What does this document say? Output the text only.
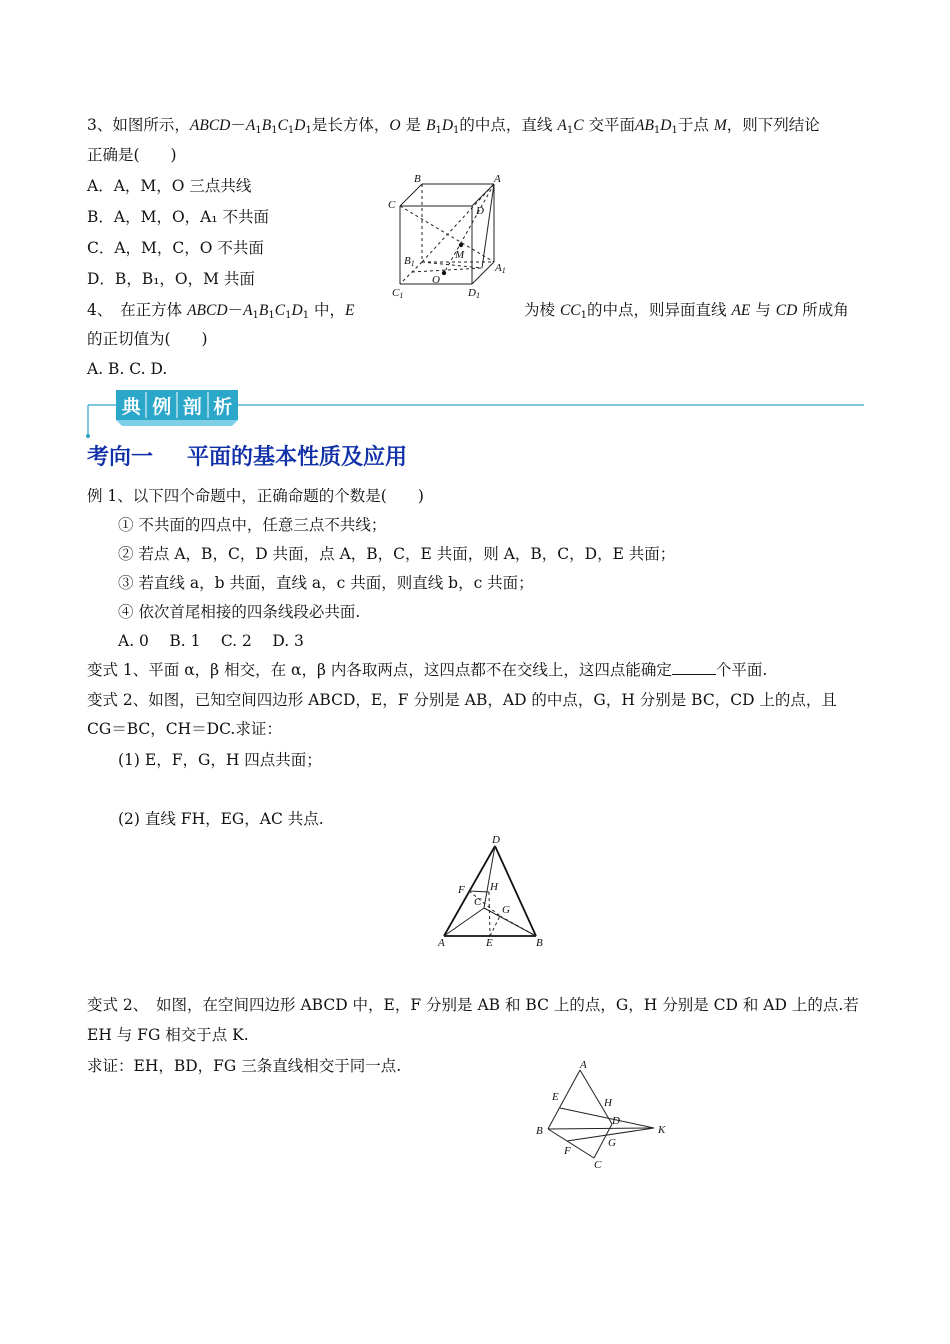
3、如图所示，$ABCD-A_1B_1C_1D_1$是长方体，O 是 $B_1D_1$的中点，直线 $A_1C$ 交平面$AB_1D_1$于点 M，则下列结论
正确是(　　)
A．A，M，O 三点共线
B．A，M，O，A₁ 不共面
C．A，M，C，O 不共面
D．B，B₁，O，M 共面
B	A
C	D
M
B1	A1
O
C1	D1
4、　 在正方体 $ABCD-A_1B_1C_1D_1$ 中，E	为棱 $CC_1$的中点，则异面直线 AE 与 CD 所成角
的正切值为(　　)
A. B. C. D.
典 例 剖 析
考向一 平面的基本性质及应用
例 1、以下四个命题中，正确命题的个数是(　　)
① 不共面的四点中，任意三点不共线；
② 若点 A，B，C，D 共面，点 A，B，C，E 共面，则 A，B，C，D，E 共面；
③ 若直线 a，b 共面，直线 a，c 共面，则直线 b，c 共面；
④ 依次首尾相接的四条线段必共面.
A. 0　 B. 1　 C. 2　 D. 3
变式 1、平面 α，β 相交，在 α，β 内各取两点，这四点都不在交线上，这四点能确定	个平面.
变式 2、如图，已知空间四边形 ABCD，E，F 分别是 AB，AD 的中点，G，H 分别是 BC，CD 上的点，且
CG＝BC，CH＝DC.求证：
(1) E，F，G，H 四点共面；
(2) 直线 FH，EG，AC 共点.
D
F H
C
G
A	E	B
变式 2、　如图，在空间四边形 ABCD 中，E，F 分别是 AB 和 BC 上的点，G，H 分别是 CD 和 AD 上的点.若
EH 与 FG 相交于点 K.
求证：EH，BD，FG 三条直线相交于同一点.	A
E	H
B
D
K
G
F
C
